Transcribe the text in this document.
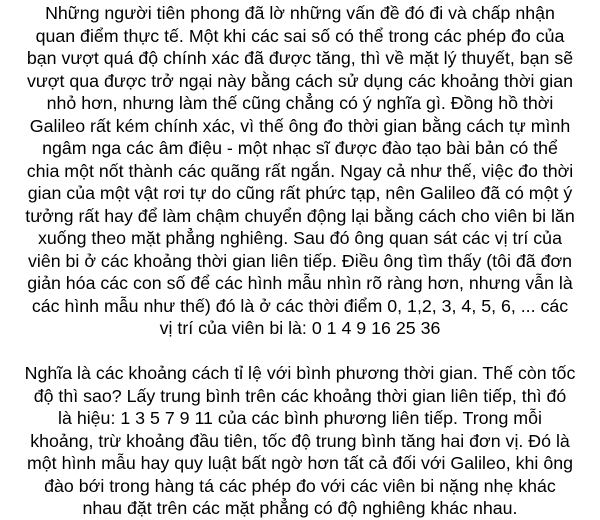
Những người tiên phong đã lờ những vấn đề đó đi và chấp nhận
quan điểm thực tế. Một khi các sai số có thể trong các phép đo của
bạn vượt quá độ chính xác đã được tăng, thì về mặt lý thuyết, bạn sẽ
vượt qua được trở ngại này bằng cách sử dụng các khoảng thời gian
nhỏ hơn, nhưng làm thế cũng chẳng có ý nghĩa gì. Đồng hồ thời
Galileo rất kém chính xác, vì thế ông đo thời gian bằng cách tự mình
ngâm nga các âm điệu - một nhạc sĩ được đào tạo bài bản có thể
chia một nốt thành các quãng rất ngắn. Ngay cả như thế, việc đo thời
gian của một vật rơi tự do cũng rất phức tạp, nên Galileo đã có một ý
tưởng rất hay để làm chậm chuyển động lại bằng cách cho viên bi lăn
xuống theo mặt phẳng nghiêng. Sau đó ông quan sát các vị trí của
viên bi ở các khoảng thời gian liên tiếp. Điều ông tìm thấy (tôi đã đơn
giản hóa các con số để các hình mẫu nhìn rõ ràng hơn, nhưng vẫn là
các hình mẫu như thế) đó là ở các thời điểm 0, 1,2, 3, 4, 5, 6, ... các
vị trí của viên bi là: 0 1 4 9 16 25 36

Nghĩa là các khoảng cách tỉ lệ với bình phương thời gian. Thế còn tốc
độ thì sao? Lấy trung bình trên các khoảng thời gian liên tiếp, thì đó
là hiệu: 1 3 5 7 9 11 của các bình phương liên tiếp. Trong mỗi
khoảng, trừ khoảng đầu tiên, tốc độ trung bình tăng hai đơn vị. Đó là
một hình mẫu hay quy luật bất ngờ hơn tất cả đối với Galileo, khi ông
đào bới trong hàng tá các phép đo với các viên bi nặng nhẹ khác
nhau đặt trên các mặt phẳng có độ nghiêng khác nhau.
